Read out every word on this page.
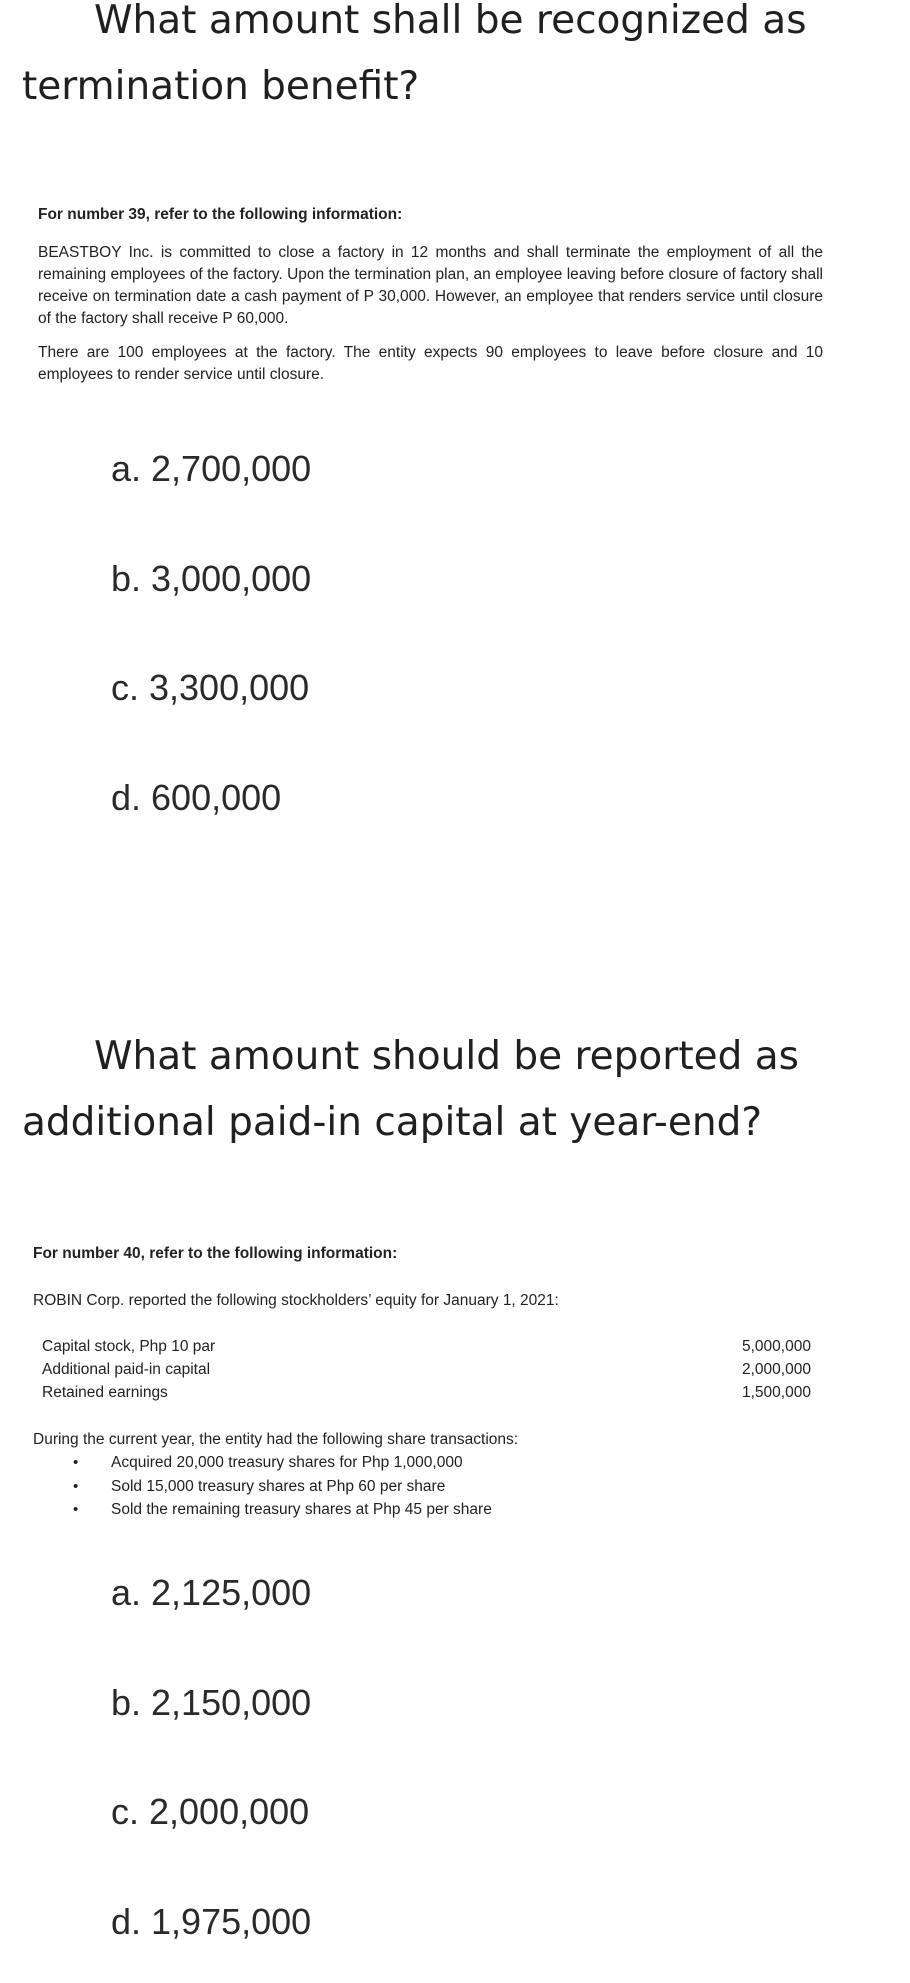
What amount shall be recognized as
termination benefit?
For number 39, refer to the following information:

BEASTBOY Inc. is committed to close a factory in 12 months and shall terminate the employment of all the remaining employees of the factory. Upon the termination plan, an employee leaving before closure of factory shall receive on termination date a cash payment of P 30,000. However, an employee that renders service until closure of the factory shall receive P 60,000.

There are 100 employees at the factory. The entity expects 90 employees to leave before closure and 10 employees to render service until closure.

a. 2,700,000
b. 3,000,000
c. 3,300,000
d. 600,000
What amount should be reported as
additional paid-in capital at year-end?
For number 40, refer to the following information:
ROBIN Corp. reported the following stockholders’ equity for January 1, 2021:
Capital stock, Php 10 par	5,000,000
Additional paid-in capital	2,000,000
Retained earnings	1,500,000
During the current year, the entity had the following share transactions:
• Acquired 20,000 treasury shares for Php 1,000,000
• Sold 15,000 treasury shares at Php 60 per share
• Sold the remaining treasury shares at Php 45 per share
a. 2,125,000
b. 2,150,000
c. 2,000,000
d. 1,975,000
